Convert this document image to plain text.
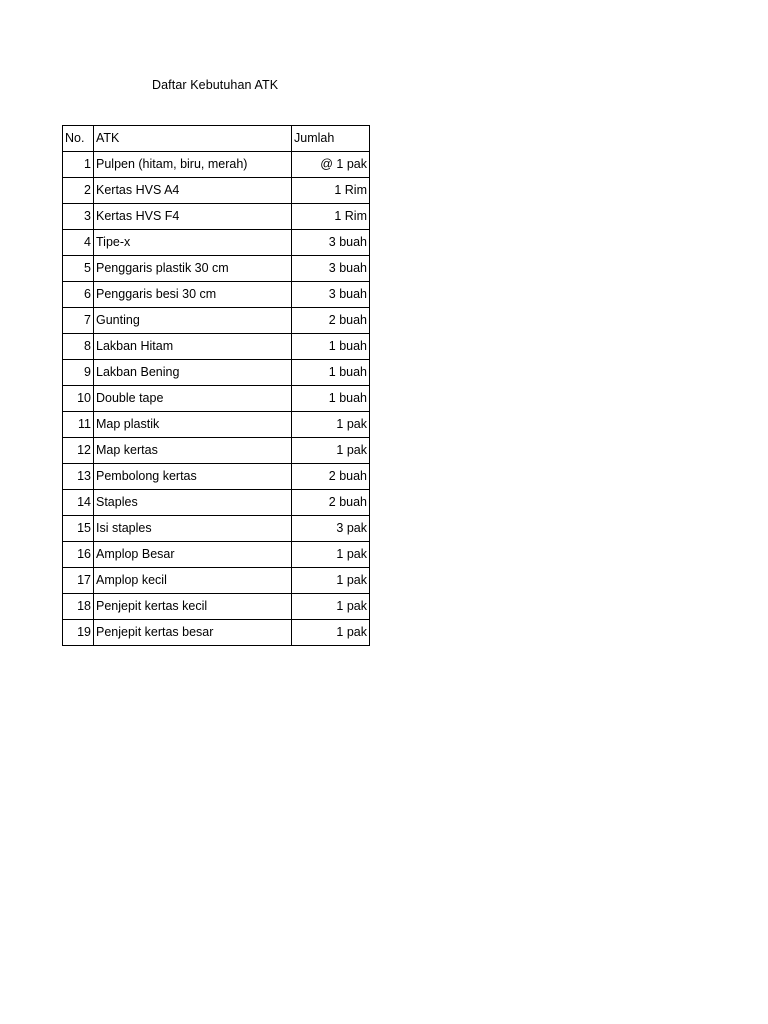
Daftar Kebutuhan ATK
No.	ATK	Jumlah
1	Pulpen (hitam, biru, merah)	@ 1 pak
2	Kertas HVS A4	1 Rim
3	Kertas HVS F4	1 Rim
4	Tipe-x	3 buah
5	Penggaris plastik 30 cm	3 buah
6	Penggaris besi 30 cm	3 buah
7	Gunting	2 buah
8	Lakban Hitam	1 buah
9	Lakban Bening	1 buah
10	Double tape	1 buah
11	Map plastik	1 pak
12	Map kertas	1 pak
13	Pembolong kertas	2 buah
14	Staples	2 buah
15	Isi staples	3 pak
16	Amplop Besar	1 pak
17	Amplop kecil	1 pak
18	Penjepit kertas kecil	1 pak
19	Penjepit kertas besar	1 pak
